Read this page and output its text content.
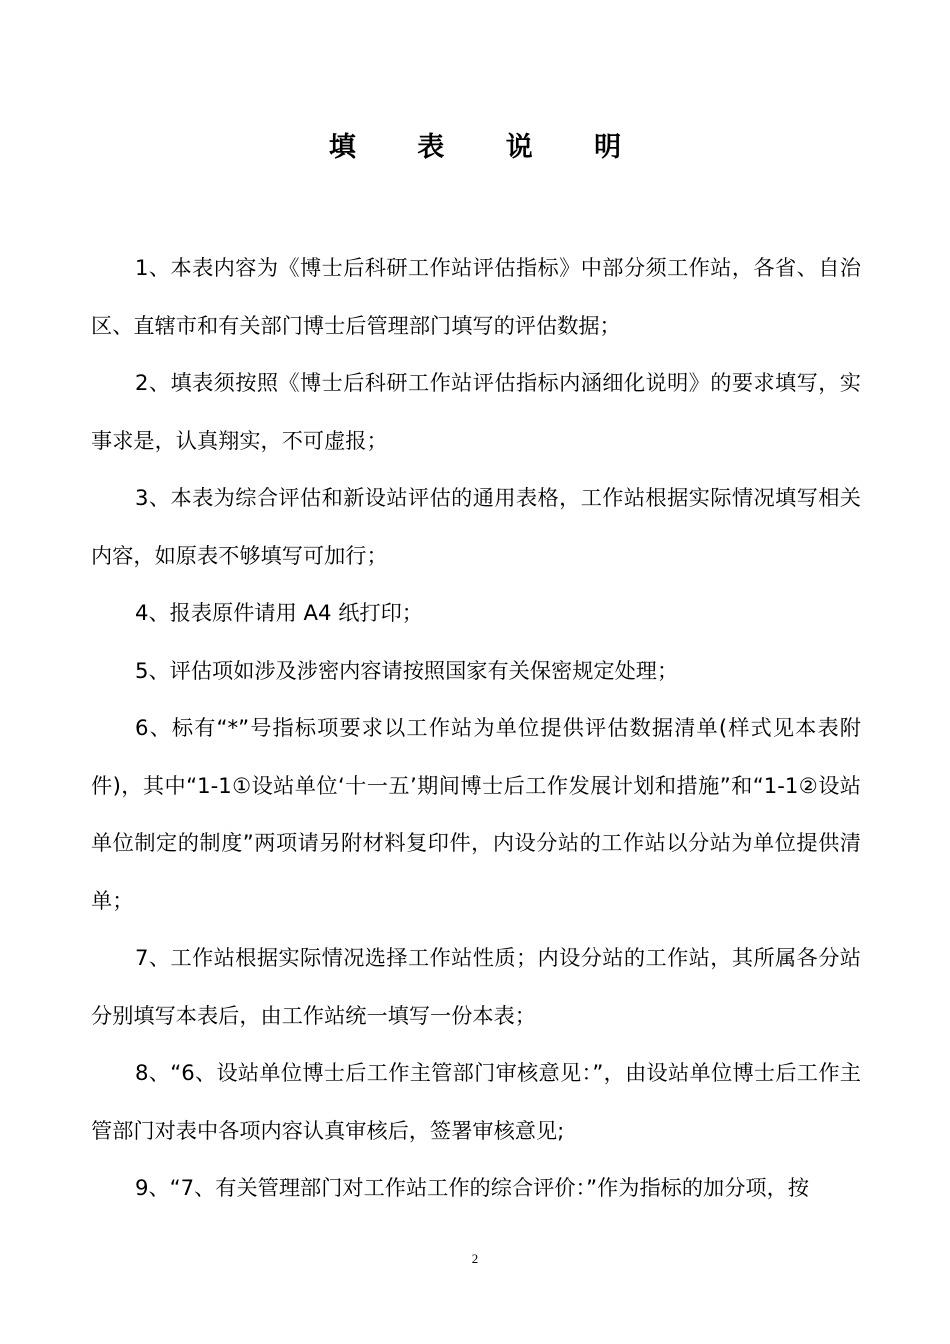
填 表 说 明

1、本表内容为《博士后科研工作站评估指标》中部分须工作站，各省、自治区、直辖市和有关部门博士后管理部门填写的评估数据；

2、填表须按照《博士后科研工作站评估指标内涵细化说明》的要求填写，实事求是，认真翔实，不可虚报；

3、本表为综合评估和新设站评估的通用表格，工作站根据实际情况填写相关内容，如原表不够填写可加行；

4、报表原件请用 A4 纸打印；

5、评估项如涉及涉密内容请按照国家有关保密规定处理；

6、标有“*”号指标项要求以工作站为单位提供评估数据清单(样式见本表附件)，其中“1-1①设站单位‘十一五’期间博士后工作发展计划和措施”和“1-1②设站单位制定的制度”两项请另附材料复印件，内设分站的工作站以分站为单位提供清单；

7、工作站根据实际情况选择工作站性质；内设分站的工作站，其所属各分站分别填写本表后，由工作站统一填写一份本表；

8、“6、设站单位博士后工作主管部门审核意见：”，由设站单位博士后工作主管部门对表中各项内容认真审核后，签署审核意见;

9、“7、有关管理部门对工作站工作的综合评价：”作为指标的加分项，按

2
